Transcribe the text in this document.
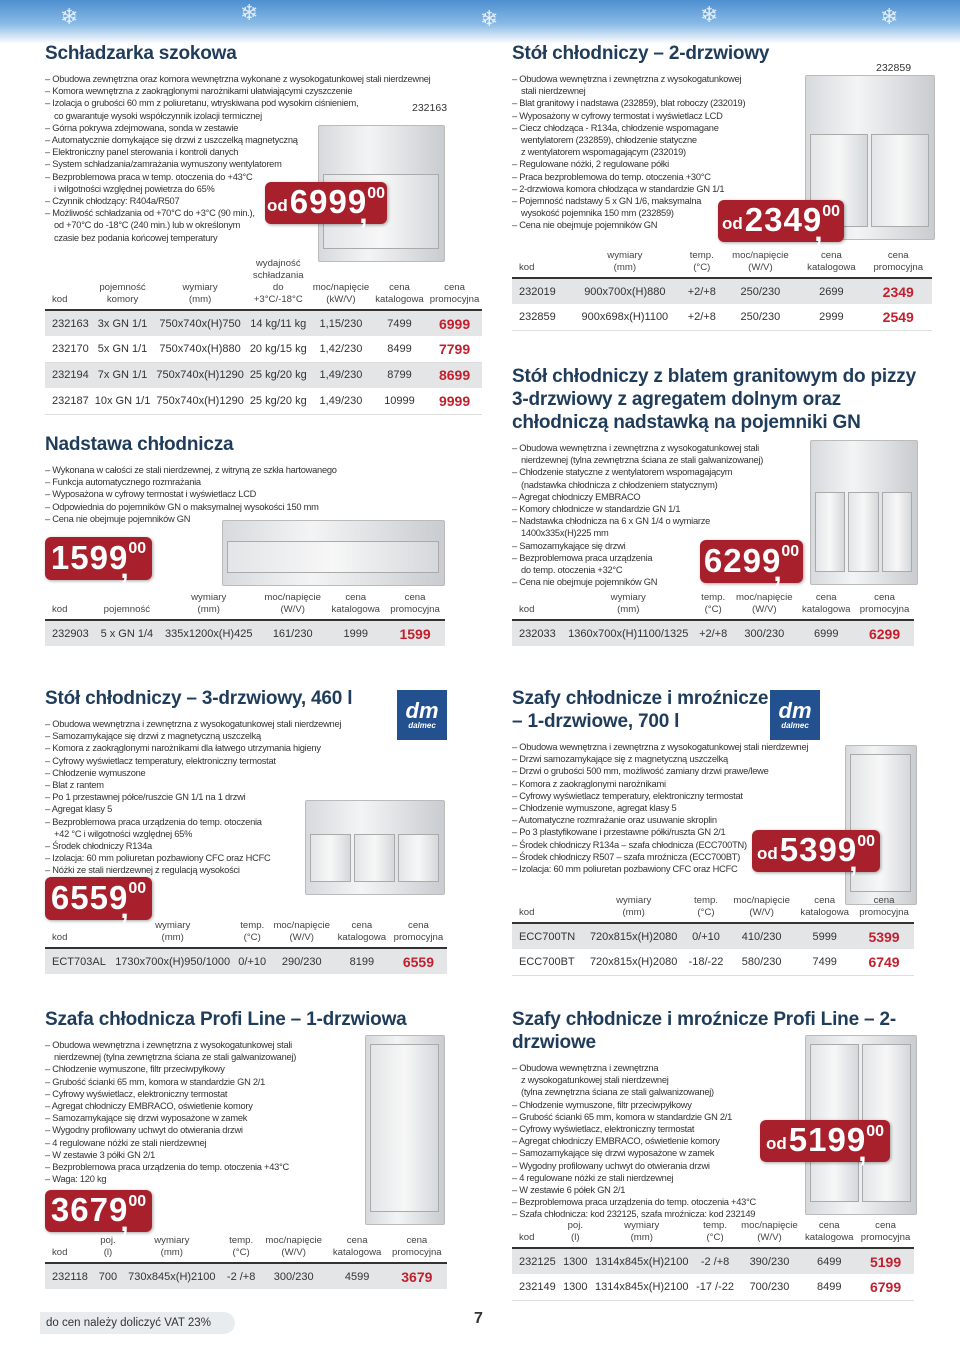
❄	❄	❄	❄	❄
Schładzarka szokowa
– Obudowa zewnętrzna oraz komora wewnętrzna wykonane z wysokogatunkowej stali nierdzewnej
– Komora wewnętrzna z zaokrąglonymi narożnikami ułatwiającymi czyszczenie
– Izolacja o grubości 60 mm z poliuretanu, wtryskiwana pod wysokim ciśnieniem,
co gwarantuje wysoki współczynnik izolacji termicznej
– Górna pokrywa zdejmowana, sonda w zestawie
– Automatycznie domykające się drzwi z uszczelką magnetyczną
– Elektroniczny panel sterowania i kontroli danych
– System schładzania/zamrażania wymuszony wentylatorem
– Bezproblemowa praca w temp. otoczenia do +43°C
i wilgotności względnej powietrza do 65%
– Czynnik chłodzący: R404a/R507
– Możliwość schładzania od +70°C do +3°C (90 min.),
od +70°C do -18°C (240 min.) lub w określonym
czasie bez podania końcowej temperatury
232163
od 6999 , 00
kod	pojemność
komory	wymiary
(mm)	wydajność
schładzania
do +3°C/-18°C	moc/napięcie
(kW/V)	cena
katalogowa	cena
promocyjna
232163	3x GN 1/1	750x740x(H)750	14 kg/11 kg	1,15/230	7499	6999
232170	5x GN 1/1	750x740x(H)880	20 kg/15 kg	1,42/230	8499	7799
232194	7x GN 1/1	750x740x(H)1290	25 kg/20 kg	1,49/230	8799	8699
232187	10x GN 1/1	750x740x(H)1290	25 kg/20 kg	1,49/230	10999	9999
Stół chłodniczy – 2-drzwiowy
– Obudowa wewnętrzna i zewnętrzna z wysokogatunkowej
stali nierdzewnej
– Blat granitowy i nadstawa (232859), blat roboczy (232019)
– Wyposażony w cyfrowy termostat i wyświetlacz LCD
– Ciecz chłodząca - R134a, chłodzenie wspomagane
wentylatorem (232859), chłodzenie statyczne
z wentylatorem wspomagającym (232019)
– Regulowane nóżki, 2 regulowane półki
– Praca bezproblemowa do temp. otoczenia +30°C
– 2-drzwiowa komora chłodząca w standardzie GN 1/1
– Pojemność nadstawy 5 x GN 1/6, maksymalna
wysokość pojemnika 150 mm (232859)
– Cena nie obejmuje pojemników GN
232859
od 2349 , 00
kod	wymiary
(mm)	temp.
(°C)	moc/napięcie
(W/V)	cena
katalogowa	cena
promocyjna
232019	900x700x(H)880	+2/+8	250/230	2699	2349
232859	900x698x(H)1100	+2/+8	250/230	2999	2549
Nadstawa chłodnicza
– Wykonana w całości ze stali nierdzewnej, z witryną ze szkła hartowanego
– Funkcja automatycznego rozmrażania
– Wyposażona w cyfrowy termostat i wyświetlacz LCD
– Odpowiednia do pojemników GN o maksymalnej wysokości 150 mm
– Cena nie obejmuje pojemników GN
1599 , 00
kod	pojemność	wymiary
(mm)	moc/napięcie
(W/V)	cena
katalogowa	cena
promocyjna
232903	5 x GN 1/4	335x1200x(H)425	161/230	1999	1599
Stół chłodniczy z blatem granitowym do pizzy
3-drzwiowy z agregatem dolnym oraz
chłodniczą nadstawką na pojemniki GN
– Obudowa wewnętrzna i zewnętrzna z wysokogatunkowej stali
nierdzewnej (tylna zewnętrzna ściana ze stali galwanizowanej)
– Chłodzenie statyczne z wentylatorem wspomagającym
(nadstawka chłodnicza z chłodzeniem statycznym)
– Agregat chłodniczy EMBRACO
– Komory chłodnicze w standardzie GN 1/1
– Nadstawka chłodnicza na 6 x GN 1/4 o wymiarze
1400x335x(H)225 mm
– Samozamykające się drzwi
– Bezproblemowa praca urządzenia
do temp. otoczenia +32°C
– Cena nie obejmuje pojemników GN
6299 , 00
kod	wymiary
(mm)	temp.
(°C)	moc/napięcie
(W/V)	cena
katalogowa	cena
promocyjna
232033	1360x700x(H)1100/1325	+2/+8	300/230	6999	6299
Stół chłodniczy – 3-drzwiowy, 460 l
– Obudowa wewnętrzna i zewnętrzna z wysokogatunkowej stali nierdzewnej
– Samozamykające się drzwi z magnetyczną uszczelką
– Komora z zaokrąglonymi narożnikami dla łatwego utrzymania higieny
– Cyfrowy wyświetlacz temperatury, elektroniczny termostat
– Chłodzenie wymuszone
– Blat z rantem
– Po 1 przestawnej półce/ruszcie GN 1/1 na 1 drzwi
– Agregat klasy 5
– Bezproblemowa praca urządzenia do temp. otoczenia
+42 °C i wilgotności względnej 65%
– Środek chłodniczy R134a
– Izolacja: 60 mm poliuretan pozbawiony CFC oraz HCFC
– Nóżki ze stali nierdzewnej z regulacją wysokości
dm
dalmec
6559 , 00
kod	wymiary
(mm)	temp.
(°C)	moc/napięcie
(W/V)	cena
katalogowa	cena
promocyjna
ECT703AL	1730x700x(H)950/1000	0/+10	290/230	8199	6559
Szafy chłodnicze i mroźnicze
– 1-drzwiowe, 700 l
– Obudowa wewnętrzna i zewnętrzna z wysokogatunkowej stali nierdzewnej
– Drzwi samozamykające się z magnetyczną uszczelką
– Drzwi o grubości 500 mm, możliwość zamiany drzwi prawe/lewe
– Komora z zaokrąglonymi narożnikami
– Cyfrowy wyświetlacz temperatury, elektroniczny termostat
– Chłodzenie wymuszone, agregat klasy 5
– Automatyczne rozmrażanie oraz usuwanie skroplin
– Po 3 plastyfikowane i przestawne półki/ruszta GN 2/1
– Środek chłodniczy R134a – szafa chłodnicza (ECC700TN)
– Środek chłodniczy R507 – szafa mroźnicza (ECC700BT)
– Izolacja: 60 mm poliuretan pozbawiony CFC oraz HCFC
dm
dalmec
od 5399 , 00
kod	wymiary
(mm)	temp.
(°C)	moc/napięcie
(W/V)	cena
katalogowa	cena
promocyjna
ECC700TN	720x815x(H)2080	0/+10	410/230	5999	5399
ECC700BT	720x815x(H)2080	-18/-22	580/230	7499	6749
Szafa chłodnicza Profi Line – 1-drzwiowa
– Obudowa wewnętrzna i zewnętrzna z wysokogatunkowej stali
nierdzewnej (tylna zewnętrzna ściana ze stali galwanizowanej)
– Chłodzenie wymuszone, filtr przeciwpyłkowy
– Grubość ścianki 65 mm, komora w standardzie GN 2/1
– Cyfrowy wyświetlacz, elektroniczny termostat
– Agregat chłodniczy EMBRACO, oświetlenie komory
– Samozamykające się drzwi wyposażone w zamek
– Wygodny profilowany uchwyt do otwierania drzwi
– 4 regulowane nóżki ze stali nierdzewnej
– W zestawie 3 półki GN 2/1
– Bezproblemowa praca urządzenia do temp. otoczenia +43°C
– Waga: 120 kg
3679 , 00
kod	poj.
(l)	wymiary
(mm)	temp.
(°C)	moc/napięcie
(W/V)	cena
katalogowa	cena
promocyjna
232118	700	730x845x(H)2100	-2 /+8	300/230	4599	3679
Szafy chłodnicze i mroźnicze Profi Line – 2-drzwiowe
– Obudowa wewnętrzna i zewnętrzna
z wysokogatunkowej stali nierdzewnej
(tylna zewnętrzna ściana ze stali galwanizowanej)
– Chłodzenie wymuszone, filtr przeciwpyłkowy
– Grubość ścianki 65 mm, komora w standardzie GN 2/1
– Cyfrowy wyświetlacz, elektroniczny termostat
– Agregat chłodniczy EMBRACO, oświetlenie komory
– Samozamykające się drzwi wyposażone w zamek
– Wygodny profilowany uchwyt do otwierania drzwi
– 4 regulowane nóżki ze stali nierdzewnej
– W zestawie 6 półek GN 2/1
– Bezproblemowa praca urządzenia do temp. otoczenia +43°C
– Szafa chłodnicza: kod 232125, szafa mroźnicza: kod 232149
od 5199 , 00
kod	poj.
(l)	wymiary
(mm)	temp.
(°C)	moc/napięcie
(W/V)	cena
katalogowa	cena
promocyjna
232125	1300	1314x845x(H)2100	-2 /+8	390/230	6499	5199
232149	1300	1314x845x(H)2100	-17 /-22	700/230	8499	6799
do cen należy doliczyć VAT 23%	7
